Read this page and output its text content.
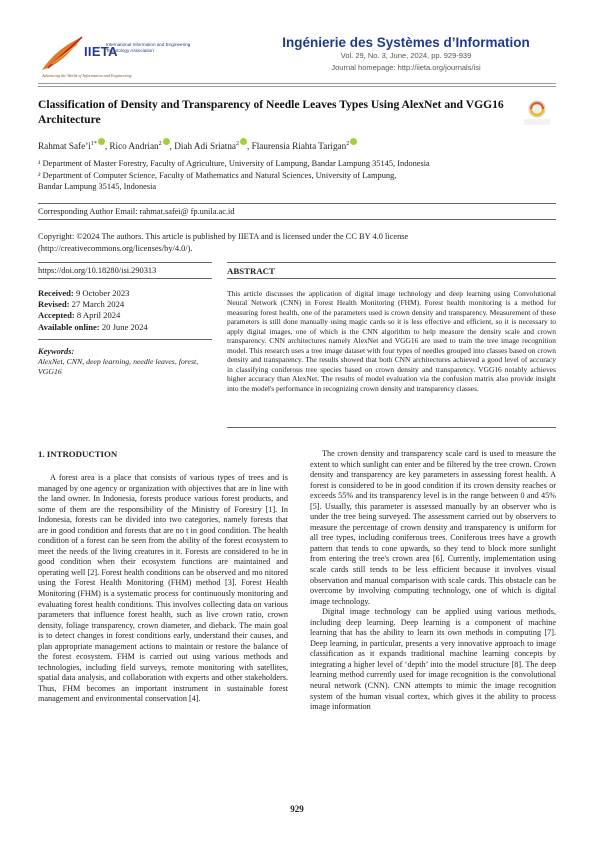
IIETA
International Information and Engineering Technology Association
Advancing the World of Information and Engineering
Ingénierie des Systèmes d’Information
Vol. 29, No. 3, June, 2024, pp. 929-939
Journal homepage: http://iieta.org/journals/isi
Classification of Density and Transparency of Needle Leaves Types Using AlexNet and VGG16 Architecture
Rahmat $Safe’i^{1*}$ , Rico Andrian$^2$ , Diah Adi Sriatna$^2$ , Flaurensia Riahta Tarigan$^2$
¹ Department of Master Forestry, Faculty of Agriculture, University of Lampung, Bandar Lampung 35145, Indonesia
² Department of Computer Science, Faculty of Mathematics and Natural Sciences, University of Lampung,
Bandar Lampung 35145, Indonesia
Corresponding Author Email: rahmat.safei@ fp.unila.ac.id
Copyright: ©2024 The authors. This article is published by IIETA and is licensed under the CC BY 4.0 license
(http://creativecommons.org/licenses/by/4.0/).
https://doi.org/10.18280/isi.290313	ABSTRACT
Received: 9 October 2023
Revised: 27 March 2024
Accepted: 8 April 2024
Available online: 20 June 2024
Keywords:
AlexNet, CNN, deep learning, needle leaves, forest, VGG16
This article discusses the application of digital image technology and deep learning using Convolutional Neural Network (CNN) in Forest Health Monitoring (FHM). Forest health monitoring is a method for measuring forest health, one of the parameters used is crown density and transparency. Measurement of these parameters is still done manually using magic cards so it is less effective and efficient, so it is necessary to apply digital images, one of which is the CNN algorithm to help measure the density scale and crown transparency. CNN architectures namely AlexNet and VGG16 are used to train the tree image recognition model. This research uses a tree image dataset with four types of needles grouped into classes based on crown density and transparency. The results showed that both CNN architectures achieved a good level of accuracy in classifying coniferous tree species based on crown density and transparency. VGG16 notably achieves higher accuracy than AlexNet. The results of model evaluation via the confusion matrix also provide insight into the model's performance in recognizing crown density and transparency classes.
1. INTRODUCTION

A forest area is a place that consists of various types of trees and is managed by one agency or organization with objectives that are in line with the land owner. In Indonesia, forests produce various forest products, and some of them are the responsibility of the Ministry of Forestry [1]. In Indonesia, forests can be divided into two categories, namely forests that are in good condition and forests that are no t in good condition. The health condition of a forest can be seen from the ability of the forest ecosystem to meet the needs of the living creatures in it. Forests are considered to be in good condition when their ecosystem functions are maintained and operating well [2]. Forest health conditions can be observed and mo nitored using the Forest Health Monitoring (FHM) method [3]. Forest Health Monitoring (FHM) is a systematic process for continuously monitoring and evaluating forest health conditions. This involves collecting data on various parameters that influence forest health, such as live crown ratio, crown density, foliage transparency, crown diameter, and dieback. The main goal is to detect changes in forest conditions early, understand their causes, and plan appropriate management actions to maintain or restore the balance of the forest ecosystem. FHM is carried out using various methods and technologies, including field surveys, remote monitoring with satellites, spatial data analysis, and collaboration with experts and other stakeholders. Thus, FHM becomes an important instrument in sustainable forest management and environmental conservation [4].

The crown density and transparency scale card is used to measure the extent to which sunlight can enter and be filtered by the tree crown. Crown density and transparency are key parameters in assessing forest health. A forest is considered to be in good condition if its crown density reaches or exceeds 55% and its transparency level is in the range between 0 and 45% [5]. Usually, this parameter is assessed manually by an observer who is under the tree being surveyed. The assessment carried out by observers to measure the percentage of crown density and transparency is uniform for all tree types, including coniferous trees. Coniferous trees have a growth pattern that tends to cone upwards, so they tend to block more sunlight from entering the tree's crown area [6]. Currently, implementation using scale cards still tends to be less efficient because it involves visual observation and manual comparison with scale cards. This obstacle can be overcome by involving computing technology, one of which is digital image technology.

Digital image technology can be applied using various methods, including deep learning. Deep learning is a component of machine learning that has the ability to learn its own methods in computing [7]. Deep learning, in particular, presents a very innovative approach to image classification as it expands traditional machine learning concepts by integrating a higher level of ‘depth’ into the model structure [8]. The deep learning method currently used for image recognition is the convolutional neural network (CNN). CNN attempts to mimic the image recognition system of the human visual cortex, which gives it the ability to process image information

929
